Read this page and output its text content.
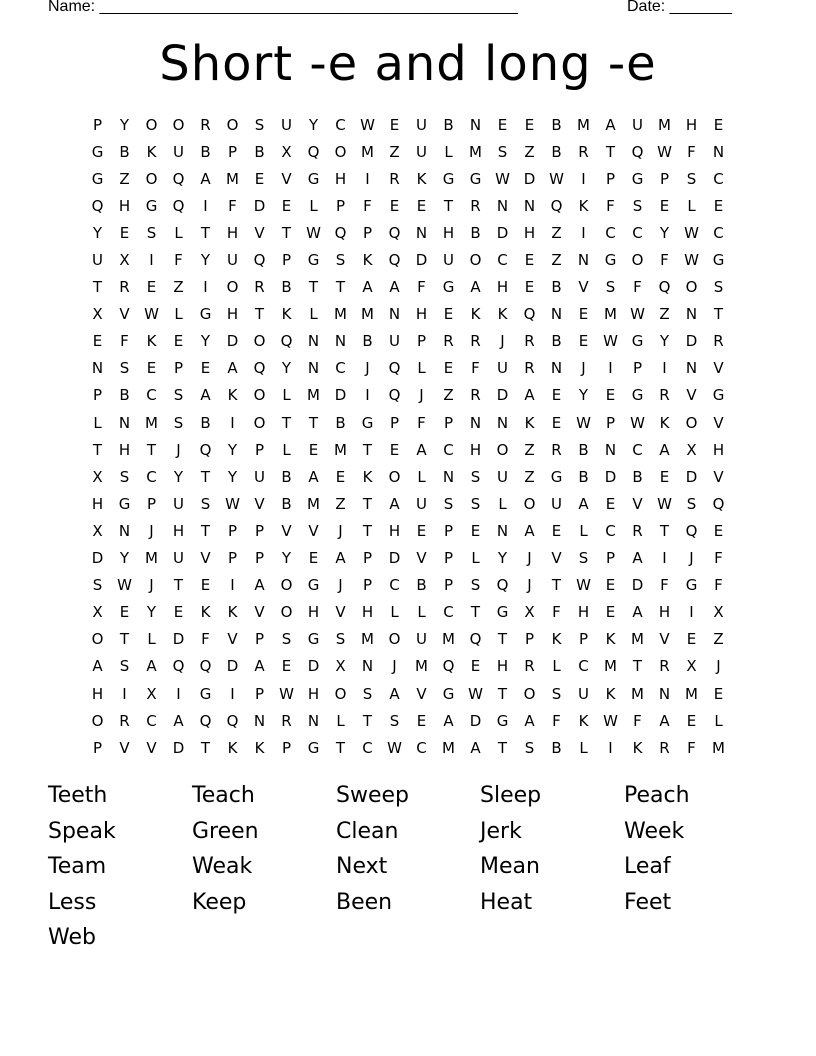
Name: _______________________________________________	Date: _______
Short -e and long -e
P	Y	O	O	R	O	S	U	Y	C W E	U	B	N	E	E	B	M	A	U	M H	E
G	B	K	U	B	P	B	X	Q	O M	Z	U	L	M	S	Z	B	R	T	Q W	F	N
G	Z	O	Q	A	M	E	V	G	H	I	R	K	G	G W D W	I	P	G	P	S	C
Q	H	G	Q	I	F	D	E	L	P	F	E	E	T	R	N	N	Q	K	F	S	E	L	E
Y	E	S	L	T	H	V	T	W Q	P	Q	N	H	B	D	H	Z	I	C	C	Y	W C
U	X	I	F	Y	U	Q	P	G	S	K	Q	D	U	O	C	E	Z	N	G	O	F	W G
T	R	E	Z	I	O	R	B	T	T	A	A	F	G	A	H	E	B	V	S	F	Q	O	S
X	V W	L	G	H	T	K	L	M M N	H	E	K	K	Q	N	E	M W Z	N	T
E	F	K	E	Y	D	O	Q	N	N	B	U	P	R	R	J	R	B	E W G	Y	D	R
N	S	E	P	E	A	Q	Y	N	C	J	Q	L	E	F	U	R	N	J	I	P	I	N	V
P	B	C	S	A	K	O	L	M D	I	Q	J	Z	R	D	A	E	Y	E	G	R	V	G
L	N M	S	B	I	O	T	T	B	G	P	F	P	N	N	K	E W	P	W K	O	V
T	H	T	J	Q	Y	P	L	E	M	T	E	A	C	H	O	Z	R	B	N	C	A	X	H
X	S	C	Y	T	Y	U	B	A	E	K	O	L	N	S	U	Z	G	B	D	B	E	D	V
H	G	P	U	S W V	B	M	Z	T	A	U	S	S	L	O	U	A	E	V W S	Q
X	N	J	H	T	P	P	V	V	J	T	H	E	P	E	N	A	E	L	C	R	T	Q	E
D	Y	M	U	V	P	P	Y	E	A	P	D	V	P	L	Y	J	V	S	P	A	I	J	F
S W	J	T	E	I	A	O	G	J	P	C	B	P	S	Q	J	T	W E	D	F	G	F
X	E	Y	E	K	K	V	O	H	V	H	L	L	C	T	G	X	F	H	E	A	H	I	X
O	T	L	D	F	V	P	S	G	S	M O	U	M Q	T	P	K	P	K	M	V	E	Z
A	S	A	Q	Q	D	A	E	D	X	N	J	M Q	E	H	R	L	C	M	T	R	X	J
H	I	X	I	G	I	P	W H	O	S	A	V	G W T	O	S	U	K	M N M	E
O	R	C	A	Q	Q	N	R	N	L	T	S	E	A	D	G	A	F	K W	F	A	E	L
P	V	V	D	T	K	K	P	G	T	C W C	M	A	T	S	B	L	I	K	R	F	M
Teeth	Teach	Sweep	Sleep	Peach
Speak	Green	Clean	Jerk	Week
Team	Weak	Next	Mean	Leaf
Less	Keep	Been	Heat	Feet
Web
